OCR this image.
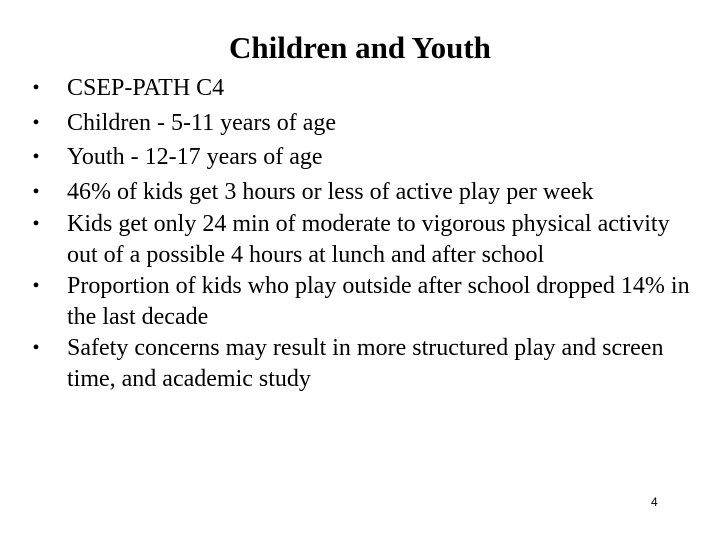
Children and Youth
• CSEP-PATH C4
• Children - 5-11 years of age
• Youth - 12-17 years of age
• 46% of kids get 3 hours or less of active play per week
• Kids get only 24 min of moderate to vigorous physical activity out of a possible 4 hours at lunch and after school
• Proportion of kids who play outside after school dropped 14% in the last decade
• Safety concerns may result in more structured play and screen time, and academic study
4
